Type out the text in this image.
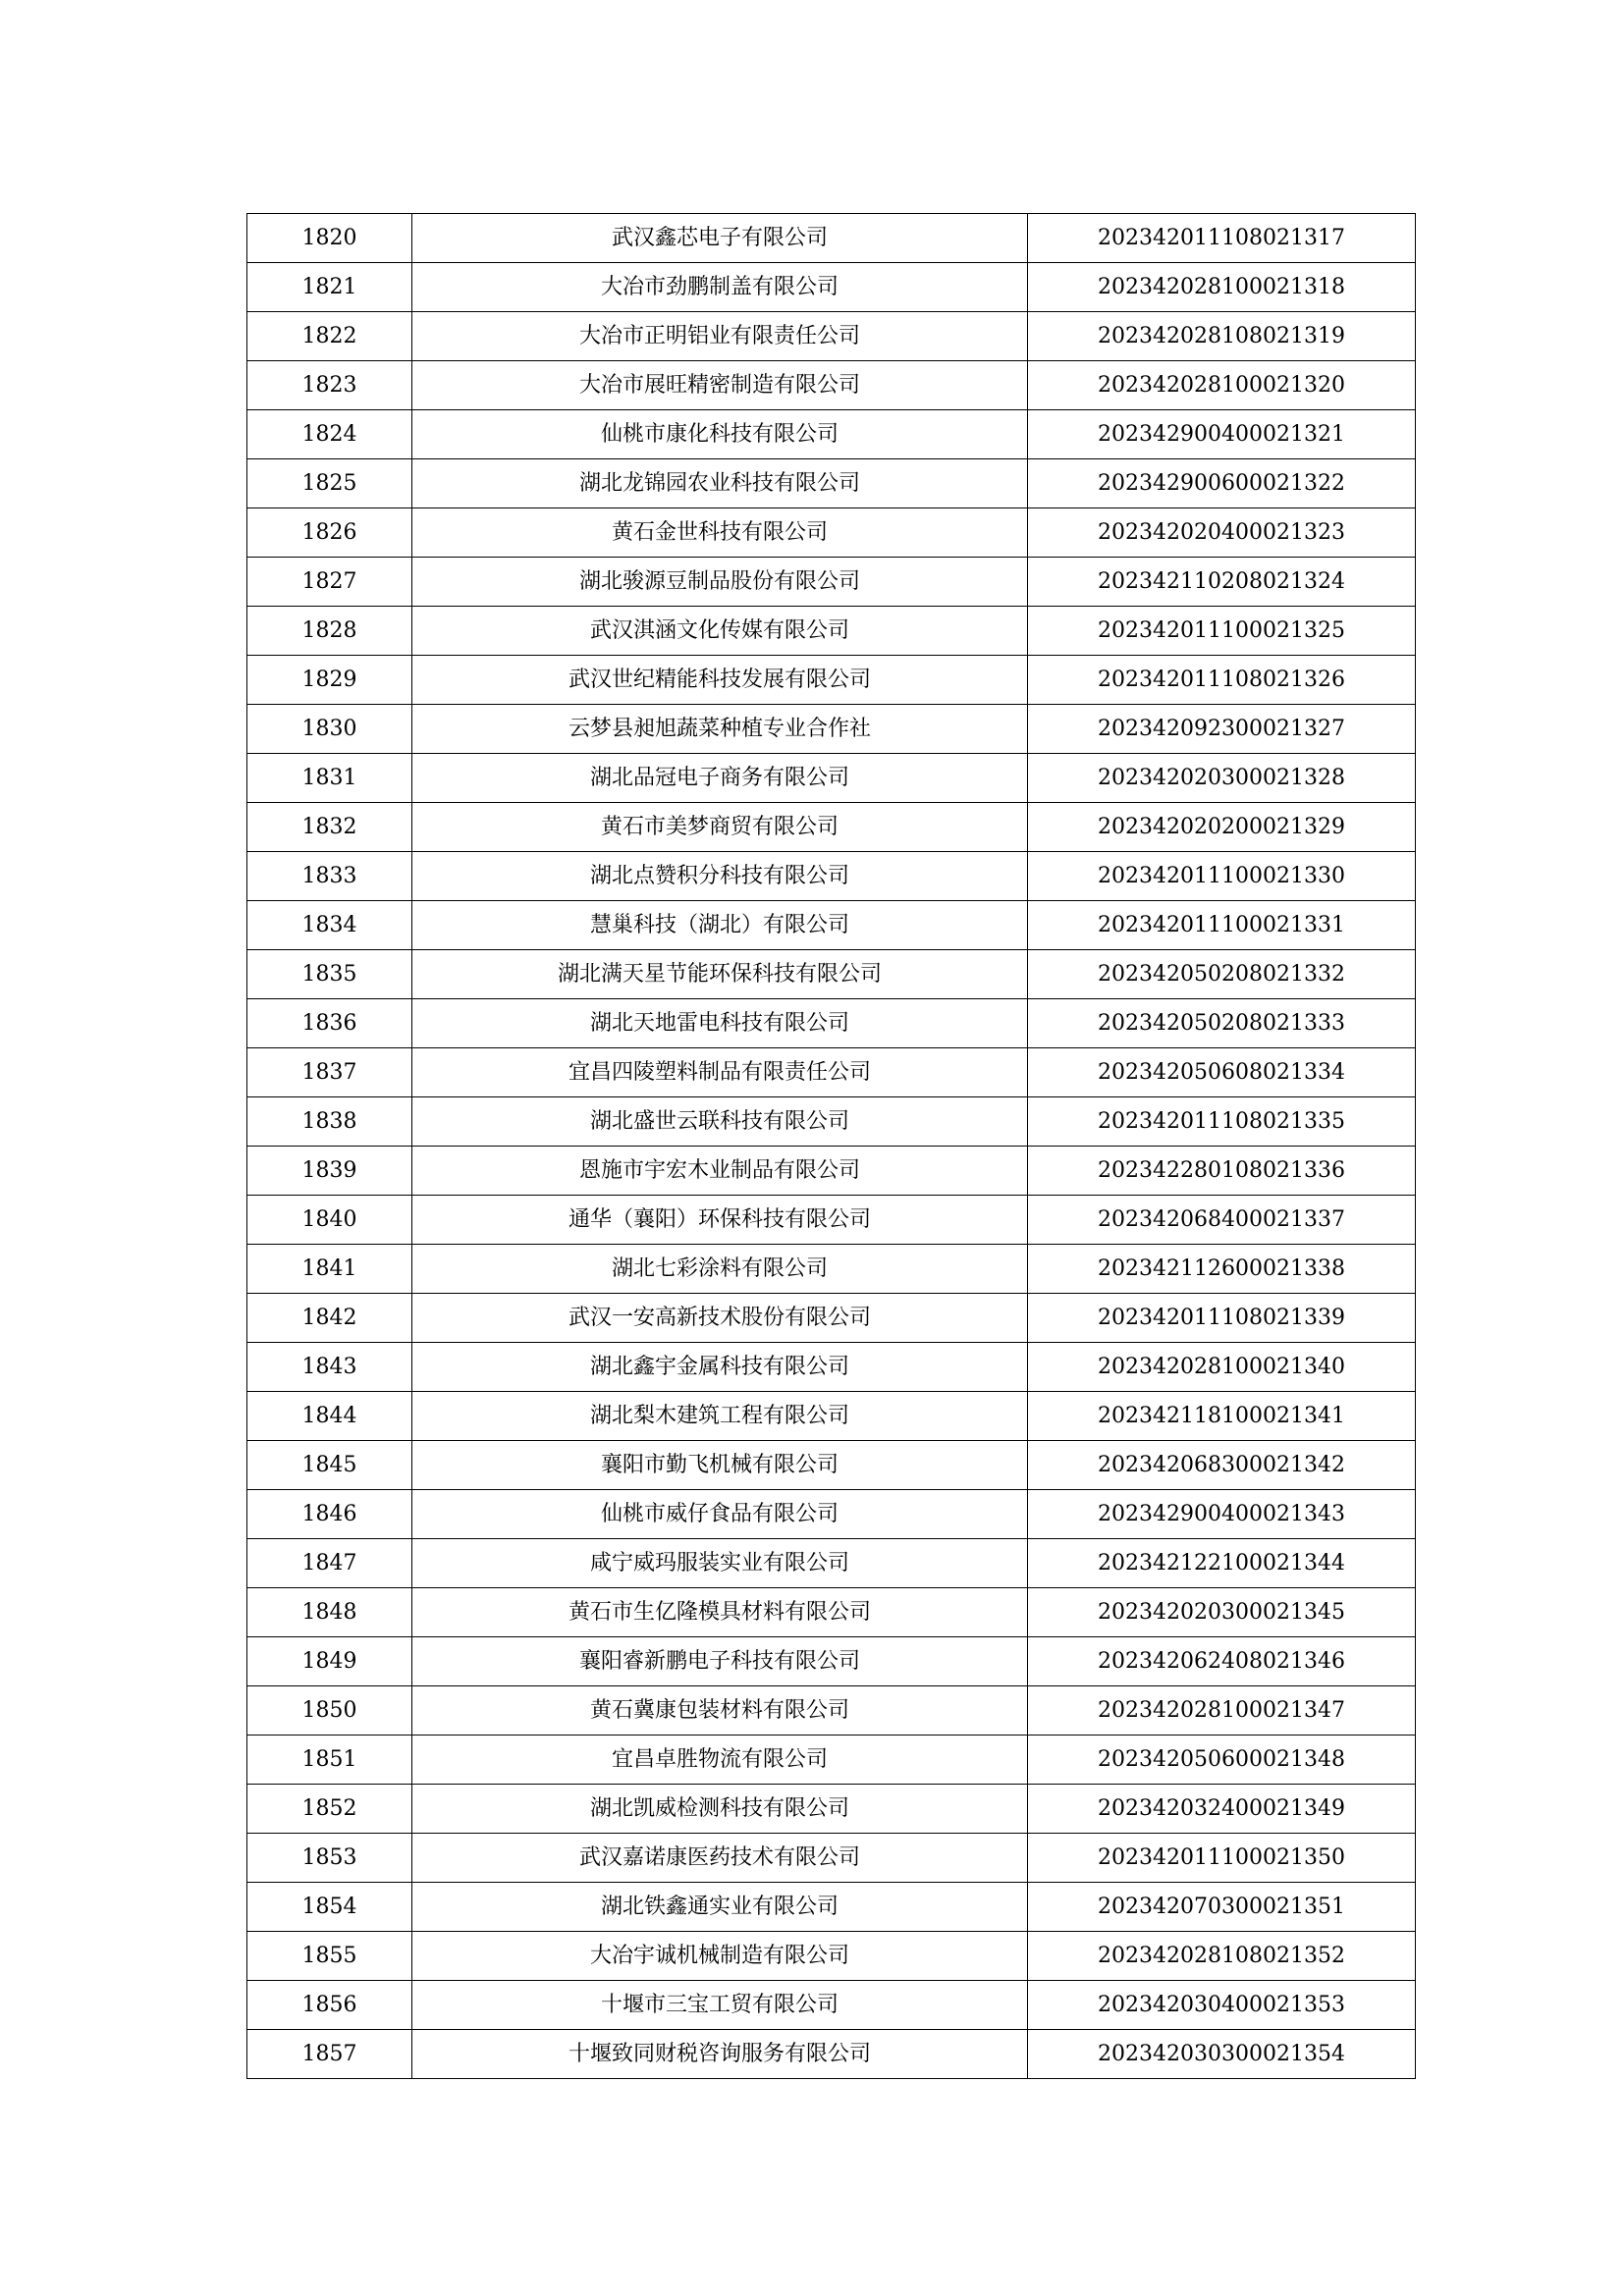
1820	武汉鑫芯电子有限公司	202342011108021317
1821	大冶市劲鹏制盖有限公司	202342028100021318
1822	大冶市正明铝业有限责任公司	202342028108021319
1823	大冶市展旺精密制造有限公司	202342028100021320
1824	仙桃市康化科技有限公司	202342900400021321
1825	湖北龙锦园农业科技有限公司	202342900600021322
1826	黄石金世科技有限公司	202342020400021323
1827	湖北骏源豆制品股份有限公司	202342110208021324
1828	武汉淇涵文化传媒有限公司	202342011100021325
1829	武汉世纪精能科技发展有限公司	202342011108021326
1830	云梦县昶旭蔬菜种植专业合作社	202342092300021327
1831	湖北品冠电子商务有限公司	202342020300021328
1832	黄石市美梦商贸有限公司	202342020200021329
1833	湖北点赞积分科技有限公司	202342011100021330
1834	慧巢科技（湖北）有限公司	202342011100021331
1835	湖北满天星节能环保科技有限公司	202342050208021332
1836	湖北天地雷电科技有限公司	202342050208021333
1837	宜昌四陵塑料制品有限责任公司	202342050608021334
1838	湖北盛世云联科技有限公司	202342011108021335
1839	恩施市宇宏木业制品有限公司	202342280108021336
1840	通华（襄阳）环保科技有限公司	202342068400021337
1841	湖北七彩涂料有限公司	202342112600021338
1842	武汉一安高新技术股份有限公司	202342011108021339
1843	湖北鑫宇金属科技有限公司	202342028100021340
1844	湖北梨木建筑工程有限公司	202342118100021341
1845	襄阳市勤飞机械有限公司	202342068300021342
1846	仙桃市威仔食品有限公司	202342900400021343
1847	咸宁威玛服装实业有限公司	202342122100021344
1848	黄石市生亿隆模具材料有限公司	202342020300021345
1849	襄阳睿新鹏电子科技有限公司	202342062408021346
1850	黄石冀康包装材料有限公司	202342028100021347
1851	宜昌卓胜物流有限公司	202342050600021348
1852	湖北凯威检测科技有限公司	202342032400021349
1853	武汉嘉诺康医药技术有限公司	202342011100021350
1854	湖北铁鑫通实业有限公司	202342070300021351
1855	大冶宇诚机械制造有限公司	202342028108021352
1856	十堰市三宝工贸有限公司	202342030400021353
1857	十堰致同财税咨询服务有限公司	202342030300021354
